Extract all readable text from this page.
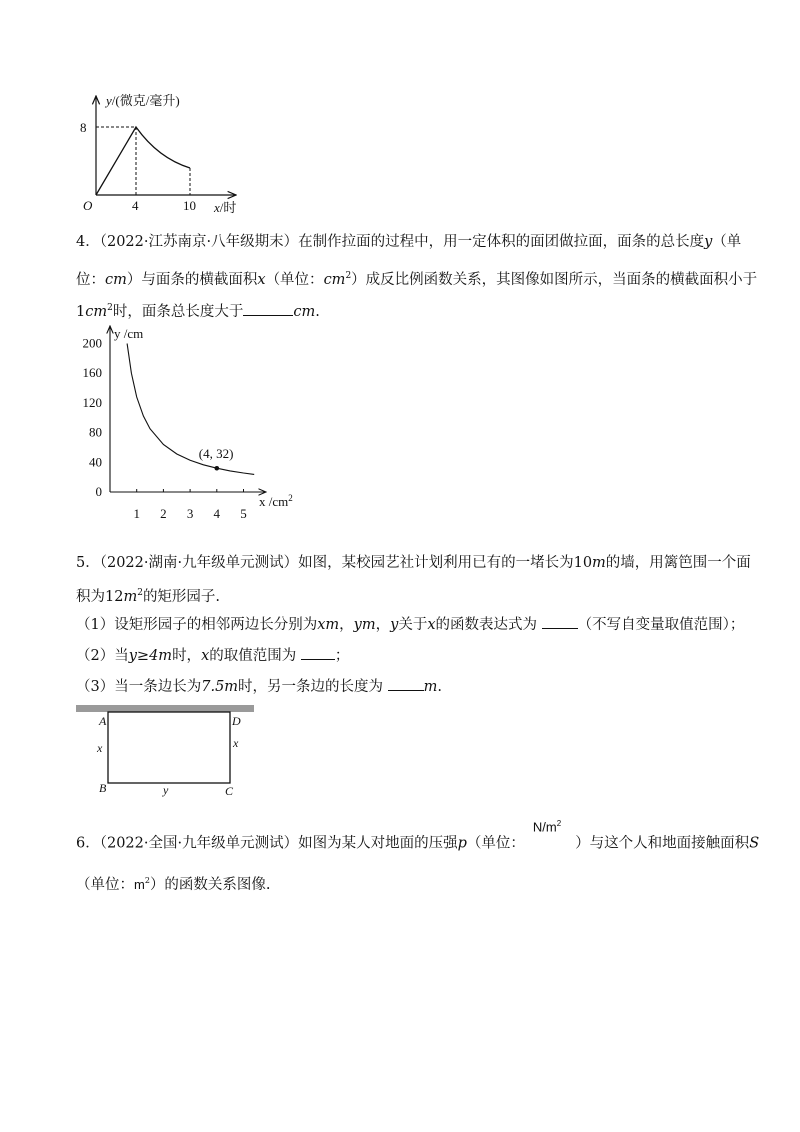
y/(微克/毫升)
8
O	4	10 x/时
4．（2022·江苏南京·八年级期末）在制作拉面的过程中，用一定体积的面团做拉面，面条的总长度y（单
位：cm）与面条的横截面积x（单位：$cm^2$）成反比例函数关系，其图像如图所示，当面条的横截面积小于
$1cm^2$时，面条总长度大于	cm.
y /cm
0
40
80
120
160
200
1 2 3 4 5
(4, 32)
x $/cm^2$
5．（2022·湖南·九年级单元测试）如图，某校园艺社计划利用已有的一堵长为10m的墙，用篱笆围一个面
积为$12m^2$的矩形园子.
（1）设矩形园子的相邻两边长分别为xm，ym，y关于x的函数表达式为	（不写自变量取值范围）；
（2）当y≥4m时，x的取值范围为	；
（3）当一条边长为7.5m时，另一条边的长度为	m.
A	D
B	C
x	x
y
6．（2022·全国·九年级单元测试）如图为某人对地面的压强p（单位：$N/m^2$）与这个人和地面接触面积S
（单位：$m^2$）的函数关系图像.
